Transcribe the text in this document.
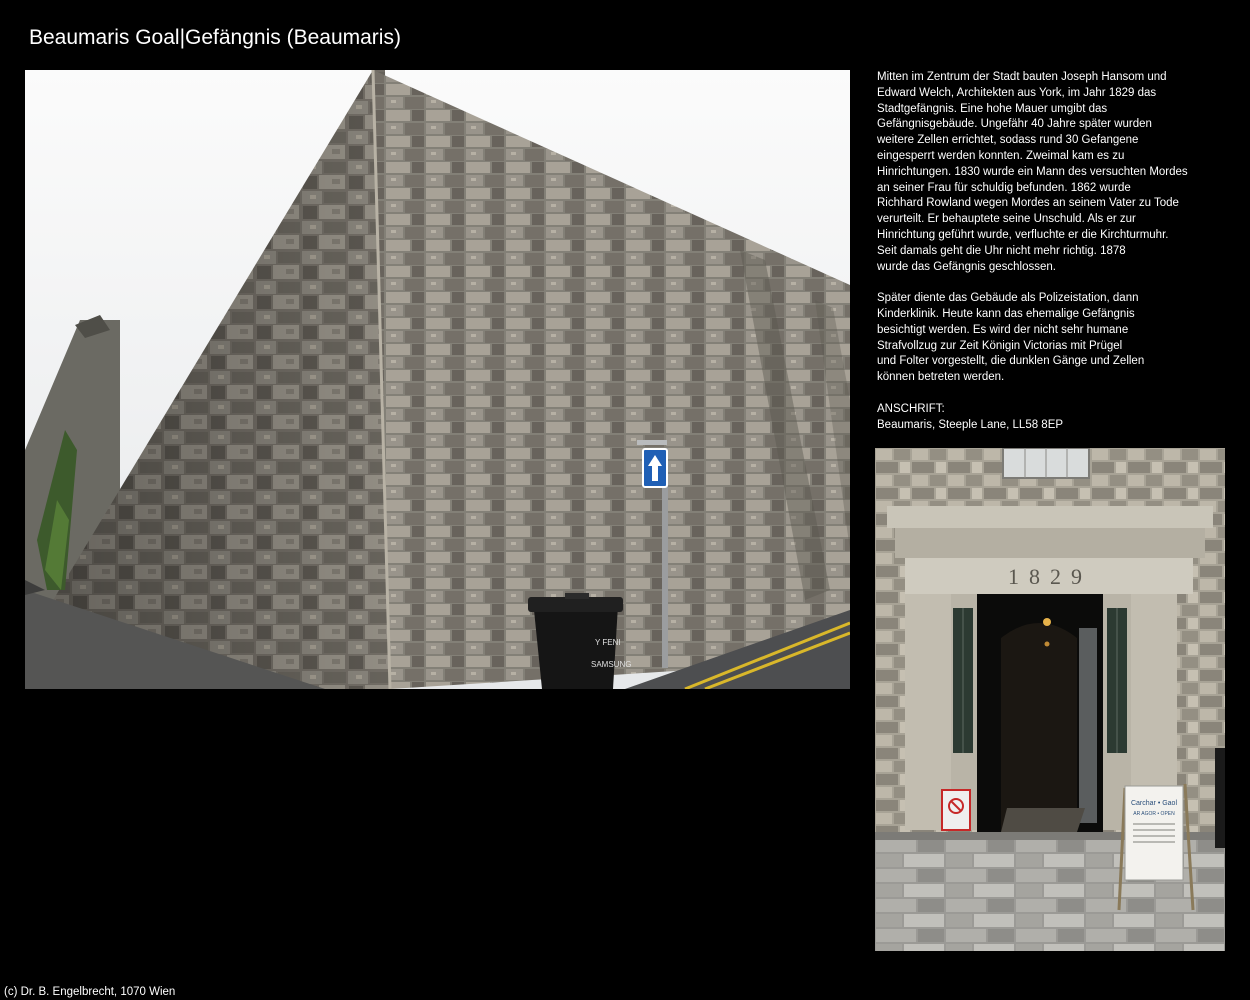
Beaumaris Goal|Gefängnis (Beaumaris)
Y FENI
SAMSUNG

Mitten im Zentrum der Stadt bauten Joseph Hansom und
Edward Welch, Architekten aus York, im Jahr 1829 das
Stadtgefängnis. Eine hohe Mauer umgibt das
Gefängnisgebäude. Ungefähr 40 Jahre später wurden
weitere Zellen errichtet, sodass rund 30 Gefangene
eingesperrt werden konnten. Zweimal kam es zu
Hinrichtungen. 1830 wurde ein Mann des versuchten Mordes
an seiner Frau für schuldig befunden. 1862 wurde
Richhard Rowland wegen Mordes an seinem Vater zu Tode
verurteilt. Er behauptete seine Unschuld. Als er zur
Hinrichtung geführt wurde, verfluchte er die Kirchturmuhr.
Seit damals geht die Uhr nicht mehr richtig. 1878
wurde das Gefängnis geschlossen.

Später diente das Gebäude als Polizeistation, dann
Kinderklinik. Heute kann das ehemalige Gefängnis
besichtigt werden. Es wird der nicht sehr humane
Strafvollzug zur Zeit Königin Victorias mit Prügel
und Folter vorgestellt, die dunklen Gänge und Zellen
können betreten werden.

ANSCHRIFT:
Beaumaris, Steeple Lane, LL58 8EP

1829
Carchar • Gaol
AR AGOR • OPEN
(c) Dr. B. Engelbrecht, 1070 Wien
